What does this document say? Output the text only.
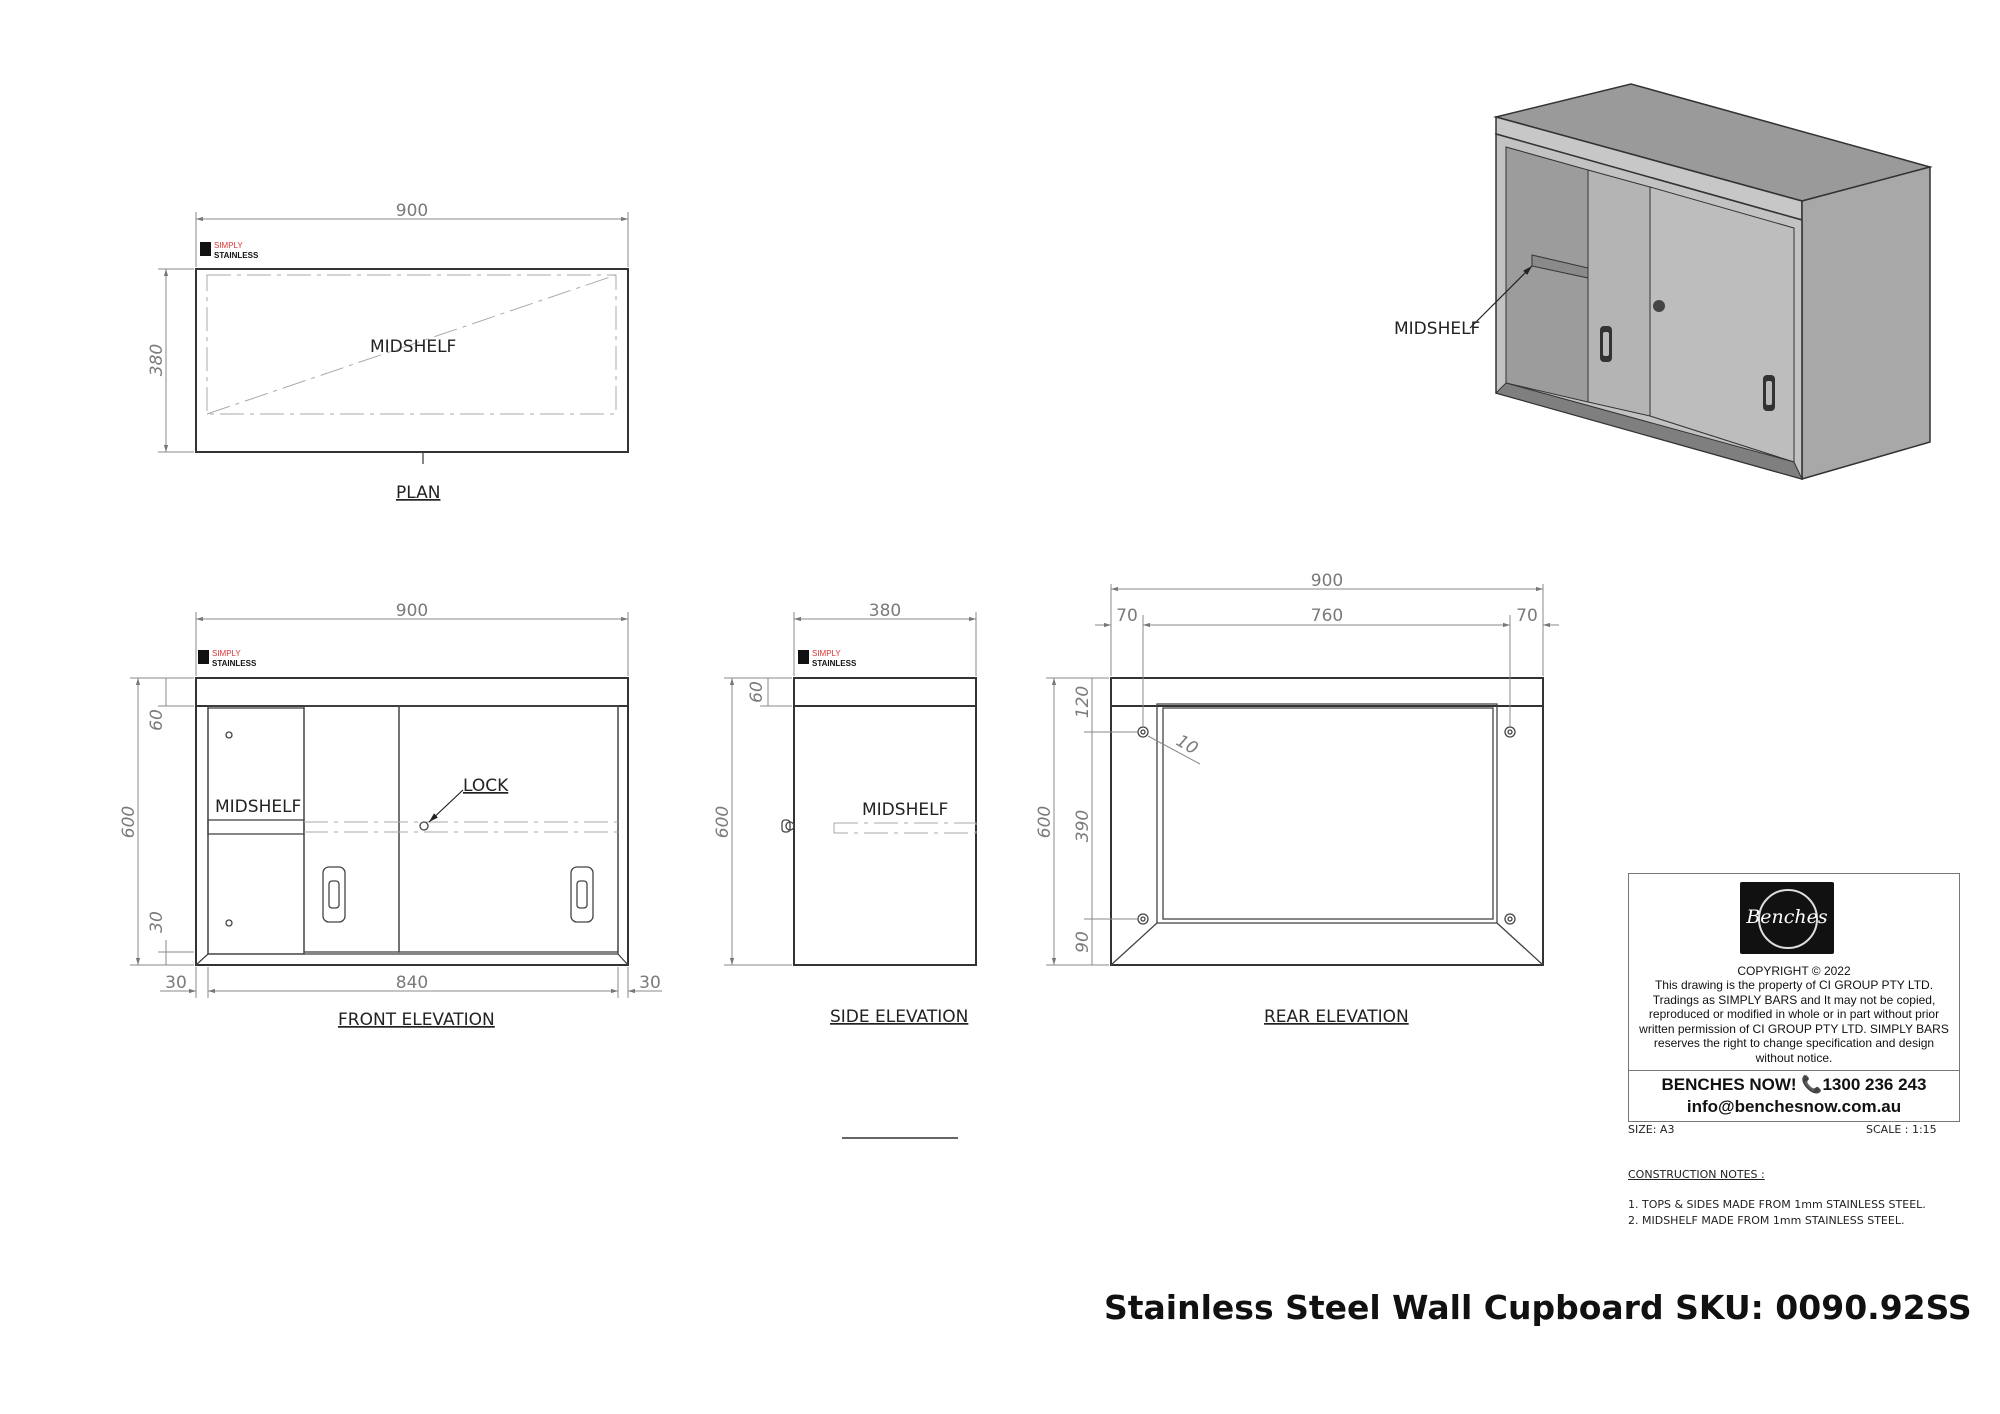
900
380	MIDSHELF
PLAN
SIMPLY
STAINLESS
LOCK
MIDSHELF
900
600
60
30
30	840	30
FRONT ELEVATION
SIMPLY
STAINLESS
MIDSHELF
380
600
60
SIDE ELEVATION
SIMPLY
STAINLESS
10
900
70	760	70
600
120
390
90
REAR ELEVATION
MIDSHELF
Benches
COPYRIGHT © 2022
This drawing is the property of CI GROUP PTY LTD. Tradings as SIMPLY BARS and It may not be copied, reproduced or modified in whole or in part without prior written permission of CI GROUP PTY LTD. SIMPLY BARS reserves the right to change specification and design without notice.
BENCHES NOW! 📞1300 236 243
info@benchesnow.com.au
SIZE: A3	SCALE : 1:15
CONSTRUCTION NOTES :
1. TOPS & SIDES MADE FROM 1mm STAINLESS STEEL.
2. MIDSHELF MADE FROM 1mm STAINLESS STEEL.
Stainless Steel Wall Cupboard SKU: 0090.92SS
